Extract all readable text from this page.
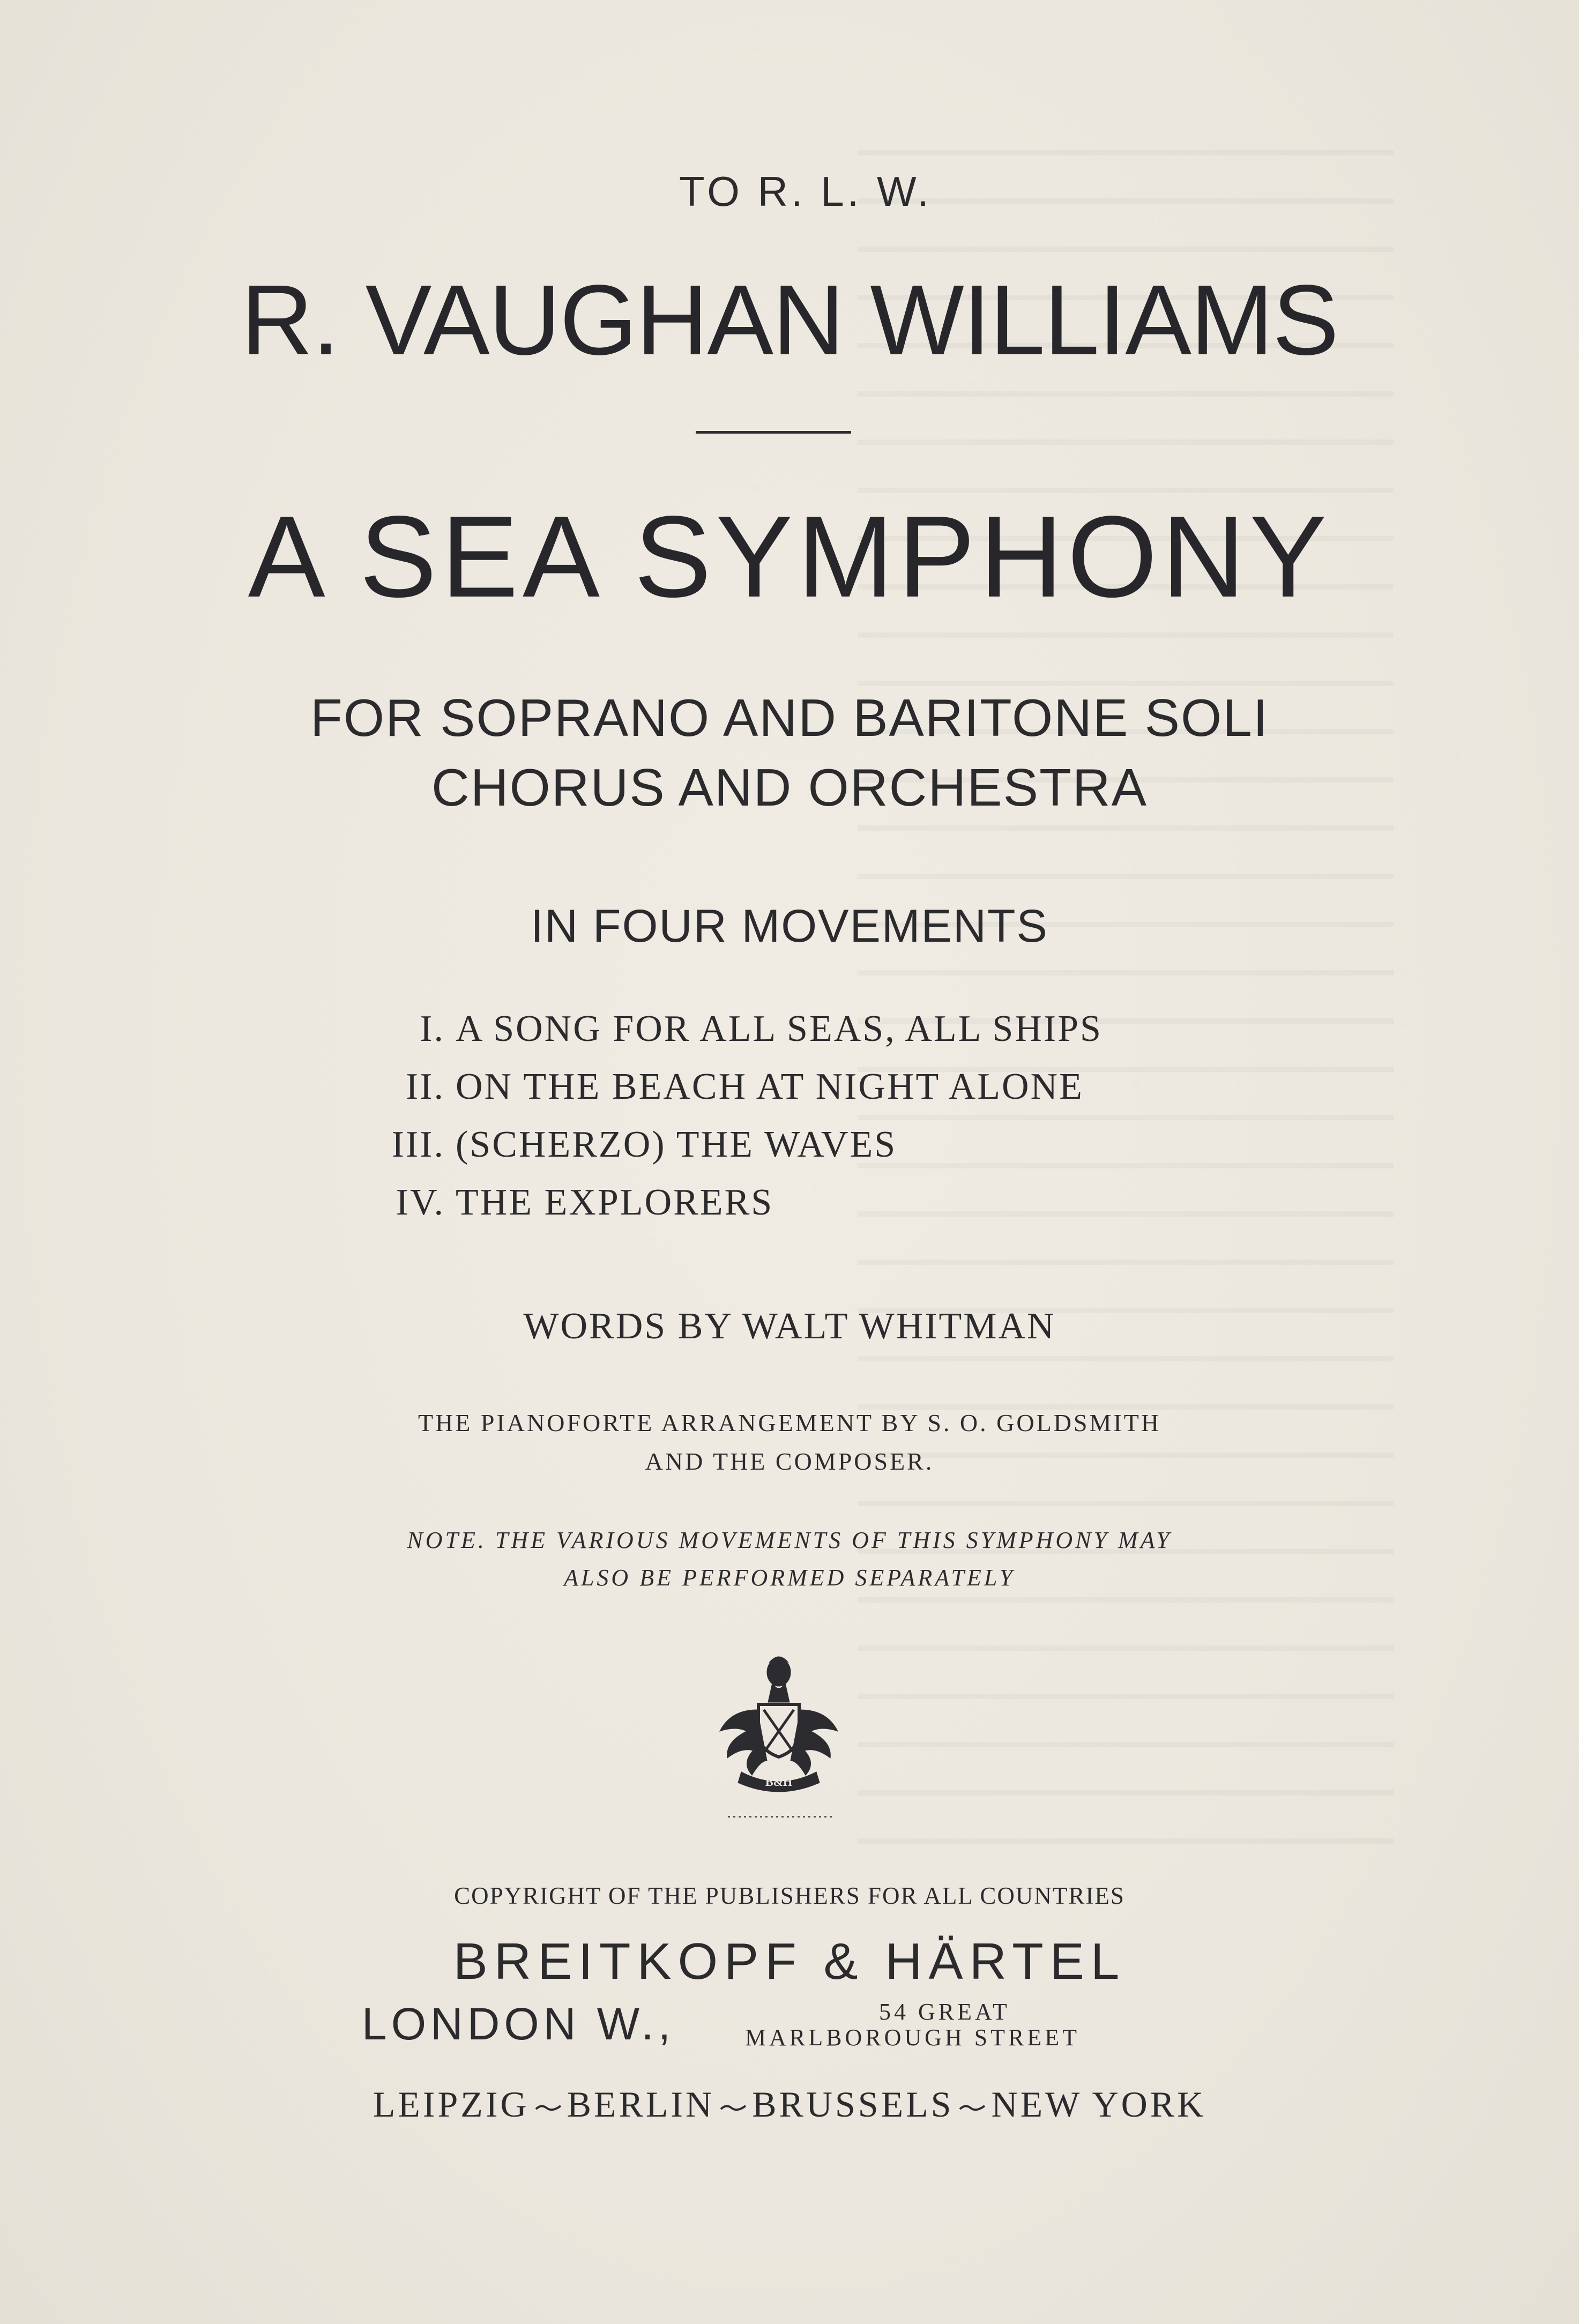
TO R. L. W.
R. VAUGHAN WILLIAMS
A SEA SYMPHONY
FOR SOPRANO AND BARITONE SOLI
CHORUS AND ORCHESTRA
IN FOUR MOVEMENTS
I. A SONG FOR ALL SEAS, ALL SHIPS
II. ON THE BEACH AT NIGHT ALONE
III. (SCHERZO) THE WAVES
IV. THE EXPLORERS
WORDS BY WALT WHITMAN
THE PIANOFORTE ARRANGEMENT BY S. O. GOLDSMITH
AND THE COMPOSER.
NOTE. THE VARIOUS MOVEMENTS OF THIS SYMPHONY MAY
ALSO BE PERFORMED SEPARATELY
B&H
COPYRIGHT OF THE PUBLISHERS FOR ALL COUNTRIES
BREITKOPF & HÄRTEL
LONDON W.,	54 GREAT
MARLBOROUGH STREET
LEIPZIG BERLIN BRUSSELS NEW YORK
